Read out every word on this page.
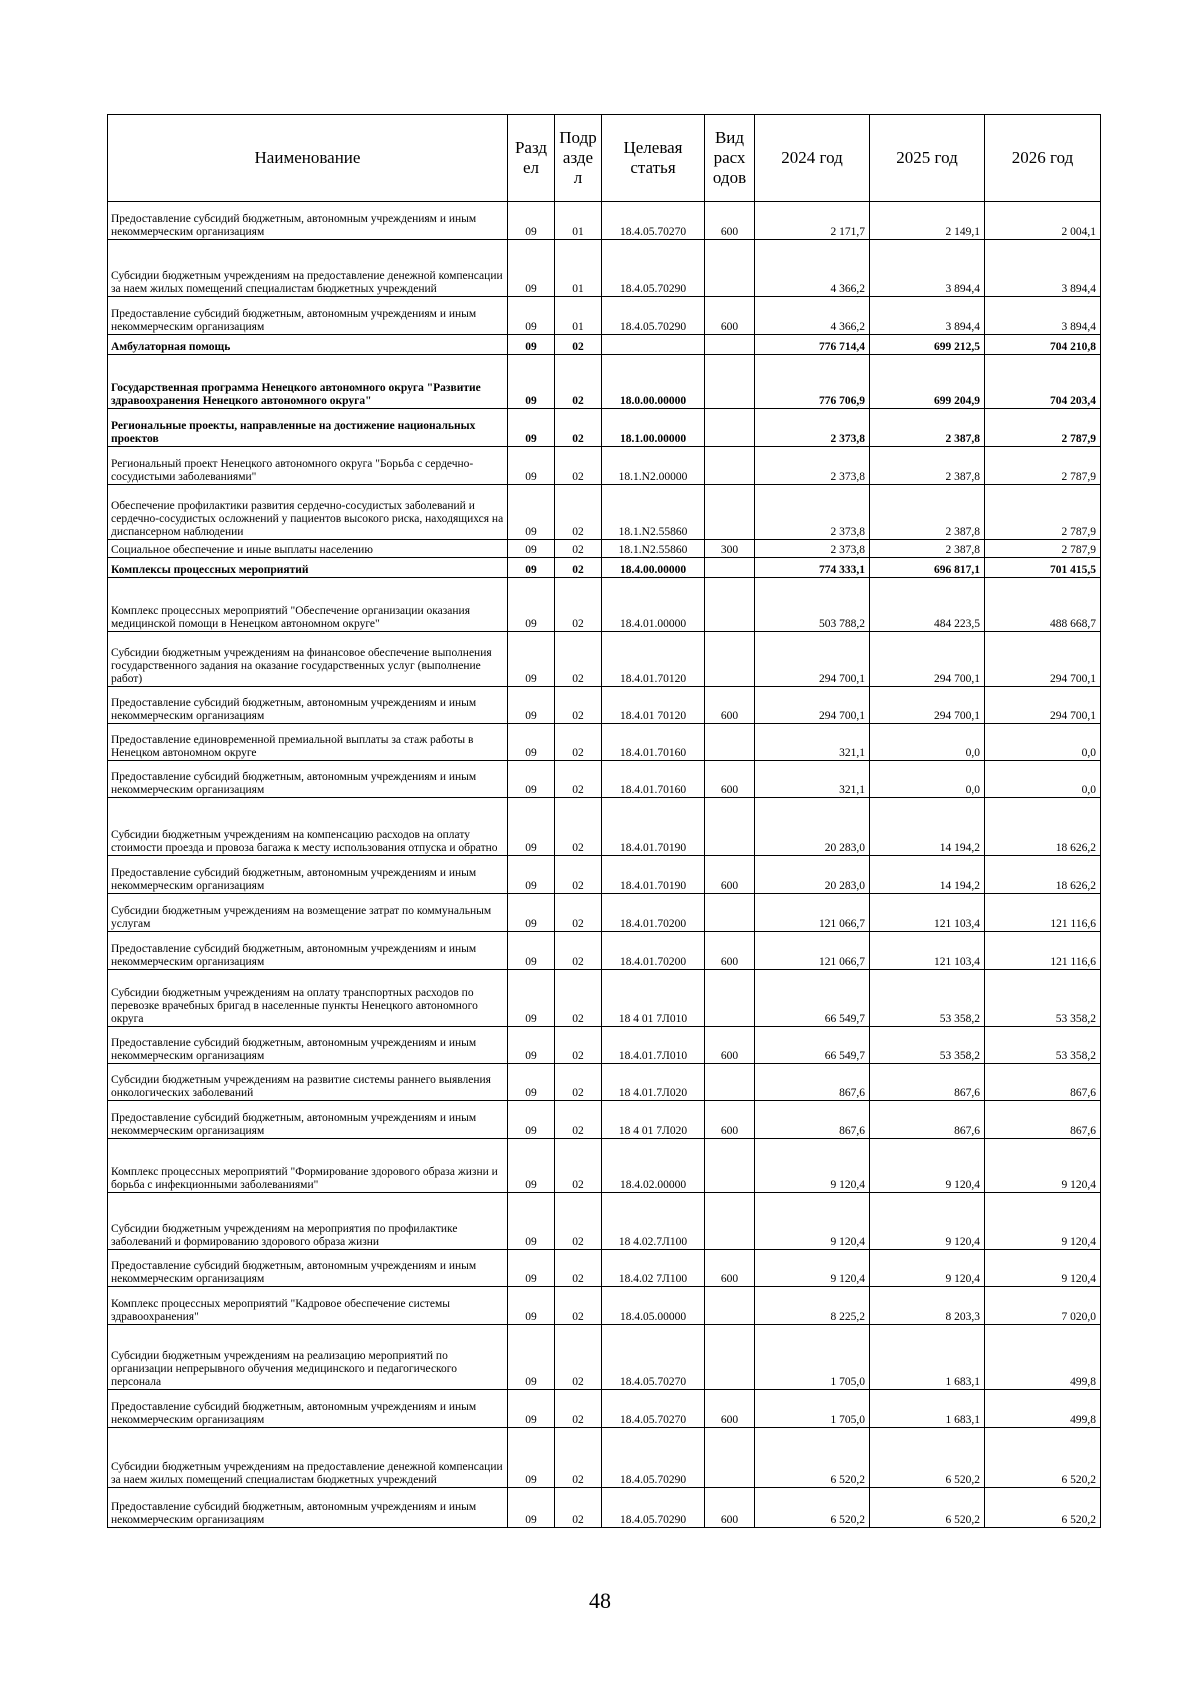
Наименование	Разд ел	Подр азде л	Целевая статья	Вид расх одов	2024 год	2025 год	2026 год
Предоставление субсидий бюджетным, автономным учреждениям и иным некоммерческим организациям	09	01	18.4.05.70270	600	2 171,7	2 149,1	2 004,1
Субсидии бюджетным учреждениям на предоставление денежной компенсации за наем жилых помещений специалистам бюджетных учреждений	09	01	18.4.05.70290		4 366,2	3 894,4	3 894,4
Предоставление субсидий бюджетным, автономным учреждениям и иным некоммерческим организациям	09	01	18.4.05.70290	600	4 366,2	3 894,4	3 894,4
Амбулаторная помощь	09	02			776 714,4	699 212,5	704 210,8
Государственная программа Ненецкого автономного округа "Развитие здравоохранения Ненецкого автономного округа"	09	02	18.0.00.00000		776 706,9	699 204,9	704 203,4
Региональные проекты, направленные на достижение национальных проектов	09	02	18.1.00.00000		2 373,8	2 387,8	2 787,9
Региональный проект Ненецкого автономного округа "Борьба с сердечно-сосудистыми заболеваниями"	09	02	18.1.N2.00000		2 373,8	2 387,8	2 787,9
Обеспечение профилактики развития сердечно-сосудистых заболеваний и сердечно-сосудистых осложнений у пациентов высокого риска, находящихся на диспансерном наблюдении	09	02	18.1.N2.55860		2 373,8	2 387,8	2 787,9
Социальное обеспечение и иные выплаты населению	09	02	18.1.N2.55860	300	2 373,8	2 387,8	2 787,9
Комплексы процессных мероприятий	09	02	18.4.00.00000		774 333,1	696 817,1	701 415,5
Комплекс процессных мероприятий "Обеспечение организации оказания медицинской помощи в Ненецком автономном округе"	09	02	18.4.01.00000		503 788,2	484 223,5	488 668,7
Субсидии бюджетным учреждениям на финансовое обеспечение выполнения государственного задания на оказание государственных услуг (выполнение работ)	09	02	18.4.01.70120		294 700,1	294 700,1	294 700,1
Предоставление субсидий бюджетным, автономным учреждениям и иным некоммерческим организациям	09	02	18.4.01 70120	600	294 700,1	294 700,1	294 700,1
Предоставление единовременной премиальной выплаты за стаж работы в Ненецком автономном округе	09	02	18.4.01.70160		321,1	0,0	0,0
Предоставление субсидий бюджетным, автономным учреждениям и иным некоммерческим организациям	09	02	18.4.01.70160	600	321,1	0,0	0,0
Субсидии бюджетным учреждениям на компенсацию расходов на оплату стоимости проезда и провоза багажа к месту использования отпуска и обратно	09	02	18.4.01.70190		20 283,0	14 194,2	18 626,2
Предоставление субсидий бюджетным, автономным учреждениям и иным некоммерческим организациям	09	02	18.4.01.70190	600	20 283,0	14 194,2	18 626,2
Субсидии бюджетным учреждениям на возмещение затрат по коммунальным услугам	09	02	18.4.01.70200		121 066,7	121 103,4	121 116,6
Предоставление субсидий бюджетным, автономным учреждениям и иным некоммерческим организациям	09	02	18.4.01.70200	600	121 066,7	121 103,4	121 116,6
Субсидии бюджетным учреждениям на оплату транспортных расходов по перевозке врачебных бригад в населенные пункты Ненецкого автономного округа	09	02	18 4 01 7Л010		66 549,7	53 358,2	53 358,2
Предоставление субсидий бюджетным, автономным учреждениям и иным некоммерческим организациям	09	02	18.4.01.7Л010	600	66 549,7	53 358,2	53 358,2
Субсидии бюджетным учреждениям на развитие системы раннего выявления онкологических заболеваний	09	02	18 4.01.7Л020		867,6	867,6	867,6
Предоставление субсидий бюджетным, автономным учреждениям и иным некоммерческим организациям	09	02	18 4 01 7Л020	600	867,6	867,6	867,6
Комплекс процессных мероприятий "Формирование здорового образа жизни и борьба с инфекционными заболеваниями"	09	02	18.4.02.00000		9 120,4	9 120,4	9 120,4
Субсидии бюджетным учреждениям на мероприятия по профилактике заболеваний и формированию здорового образа жизни	09	02	18 4.02.7Л100		9 120,4	9 120,4	9 120,4
Предоставление субсидий бюджетным, автономным учреждениям и иным некоммерческим организациям	09	02	18.4.02 7Л100	600	9 120,4	9 120,4	9 120,4
Комплекс процессных мероприятий "Кадровое обеспечение системы здравоохранения"	09	02	18.4.05.00000		8 225,2	8 203,3	7 020,0
Субсидии бюджетным учреждениям на реализацию мероприятий по организации непрерывного обучения медицинского и педагогического персонала	09	02	18.4.05.70270		1 705,0	1 683,1	499,8
Предоставление субсидий бюджетным, автономным учреждениям и иным некоммерческим организациям	09	02	18.4.05.70270	600	1 705,0	1 683,1	499,8
Субсидии бюджетным учреждениям на предоставление денежной компенсации за наем жилых помещений специалистам бюджетных учреждений	09	02	18.4.05.70290		6 520,2	6 520,2	6 520,2
Предоставление субсидий бюджетным, автономным учреждениям и иным некоммерческим организациям	09	02	18.4.05.70290	600	6 520,2	6 520,2	6 520,2
48
